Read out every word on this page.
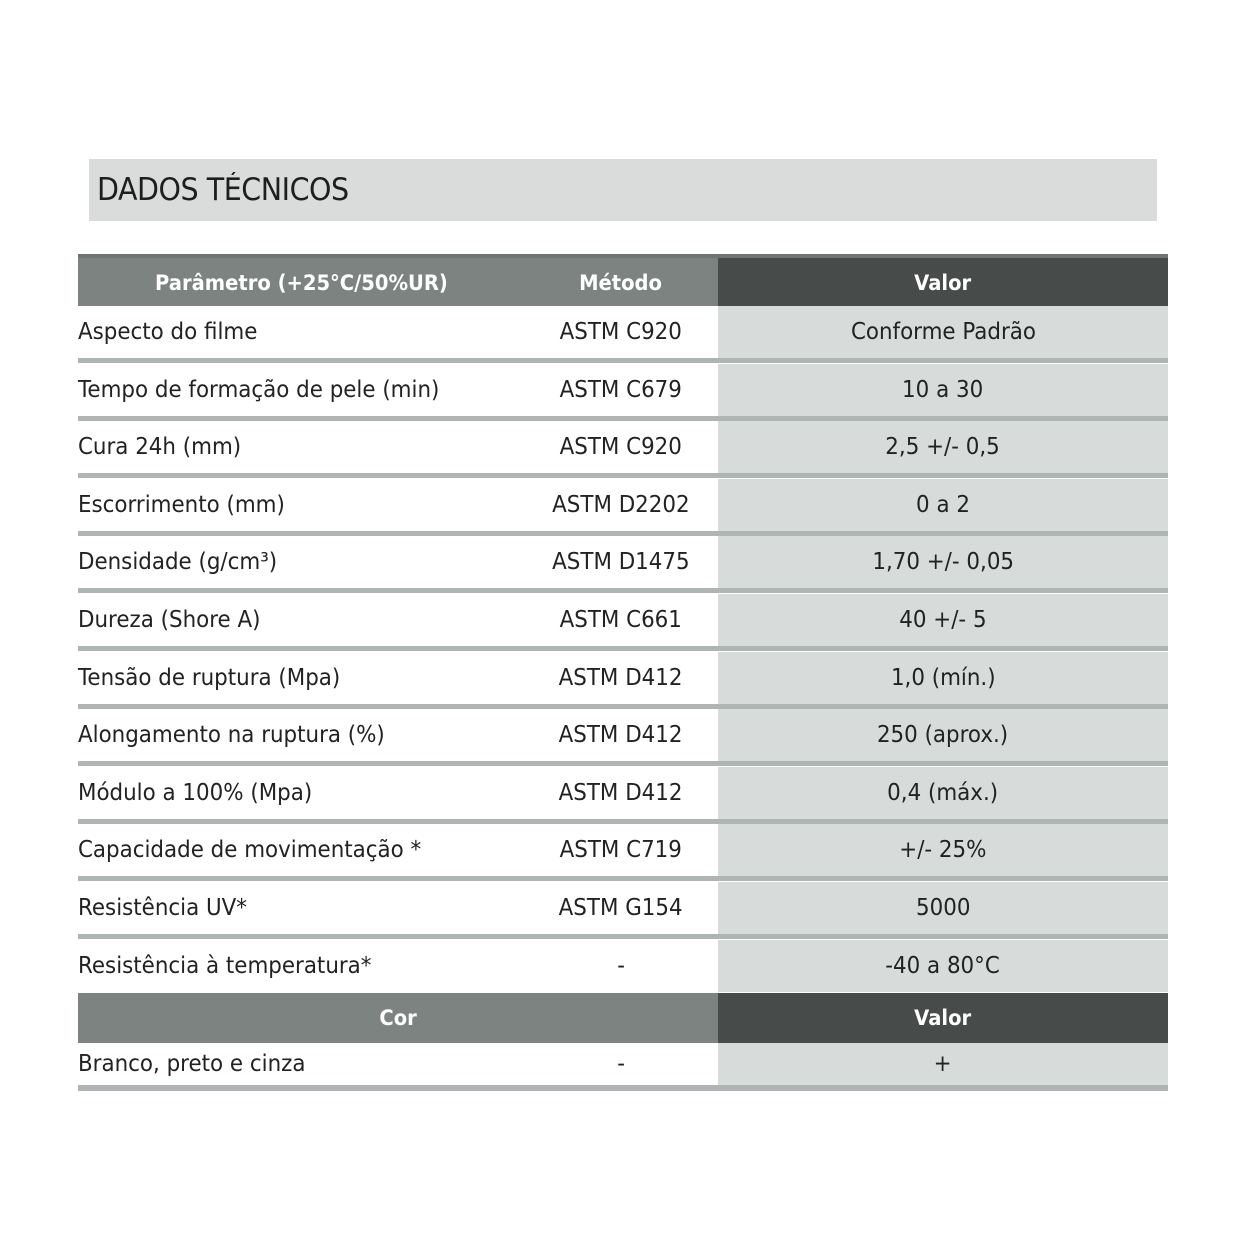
DADOS TÉCNICOS
Parâmetro (+25°C/50%UR)	Método	Valor
Aspecto do filme	ASTM C920	Conforme Padrão
Tempo de formação de pele (min)	ASTM C679	10 a 30
Cura 24h (mm)	ASTM C920	2,5 +/- 0,5
Escorrimento (mm)	ASTM D2202	0 a 2
Densidade (g/cm³)	ASTM D1475	1,70 +/- 0,05
Dureza (Shore A)	ASTM C661	40 +/- 5
Tensão de ruptura (Mpa)	ASTM D412	1,0 (mín.)
Alongamento na ruptura (%)	ASTM D412	250 (aprox.)
Módulo a 100% (Mpa)	ASTM D412	0,4 (máx.)
Capacidade de movimentação *	ASTM C719	+/- 25%
Resistência UV*	ASTM G154	5000
Resistência à temperatura*	-	-40 a 80°C
Cor	Valor
Branco, preto e cinza	-	+
